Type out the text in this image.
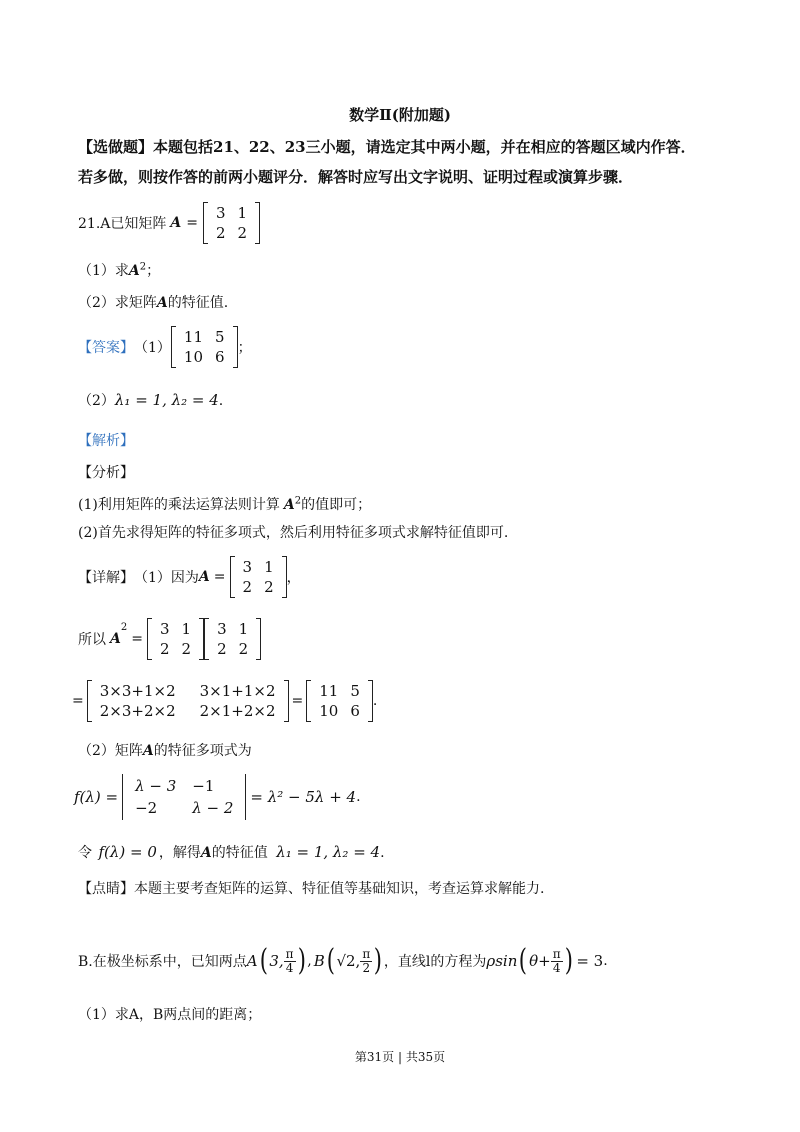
数学Ⅱ(附加题)
【选做题】本题包括21、22、23三小题，请选定其中两小题，并在相应的答题区域内作答．
若多做，则按作答的前两小题评分．解答时应写出文字说明、证明过程或演算步骤．
21.A已知矩阵 A =
3	1
2	2
（1）求$A^2$；
（2）求矩阵A的特征值.
【答案】 （1）
11	5
10	6 ；
（2）λ₁ = 1, λ₂ = 4.
【解析】
【分析】
(1)利用矩阵的乘法运算法则计算 $A^2$的值即可；
(2)首先求得矩阵的特征多项式，然后利用特征多项式求解特征值即可.
【详解】 （1）因为 A =
3	1
2	2 ，
所以 A
$^2$
=
3	1
2	2
3	1
2	2
=
3×3+1×2	3×1+1×2
2×3+2×2	2×1+2×2
=
11	5
10	6
.
（2）矩阵A的特征多项式为
f(λ) =
λ − 3	−1
−2	λ − 2
= λ² − 5λ + 4 .
令 f(λ) = 0 ，解得A的特征值 λ₁ = 1, λ₂ = 4.
【点睛】本题主要考查矩阵的运算、特征值等基础知识，考查运算求解能力.
B.在极坐标系中，已知两点 A ( 3, $\frac{\pi}{4}$ ) , B ( √2, $\frac{\pi}{2}$ ) ，直线l的方程为 ρsin ( $\theta+ \frac{\pi}{4}$ ) = 3 .
（1）求A，B两点间的距离；
第31页 | 共35页
